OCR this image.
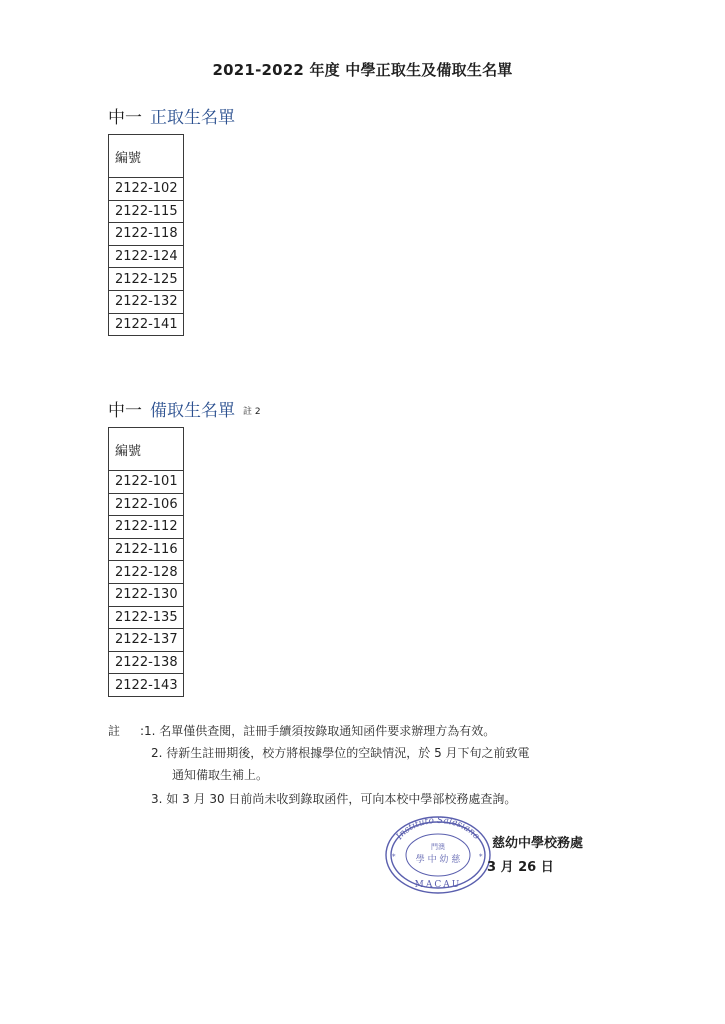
2021-2022 年度 中學正取生及備取生名單
中一 正取生名單
編號
2122-102
2122-115
2122-118
2122-124
2122-125
2122-132
2122-141
中一 備取生名單 註 2
編號
2122-101
2122-106
2122-112
2122-116
2122-128
2122-130
2122-135
2122-137
2122-138
2122-143
註 :1. 名單僅供查閱，註冊手續須按錄取通知函件要求辦理方為有效。
2. 待新生註冊期後，校方將根據學位的空缺情況，於 5 月下旬之前致電
通知備取生補上。
3. 如 3 月 30 日前尚未收到錄取函件，可向本校中學部校務處查詢。
Instituto Salesiano
門澳
學 中 幼 慈
MACAU
*	*
慈幼中學校務處
3 月 26 日
